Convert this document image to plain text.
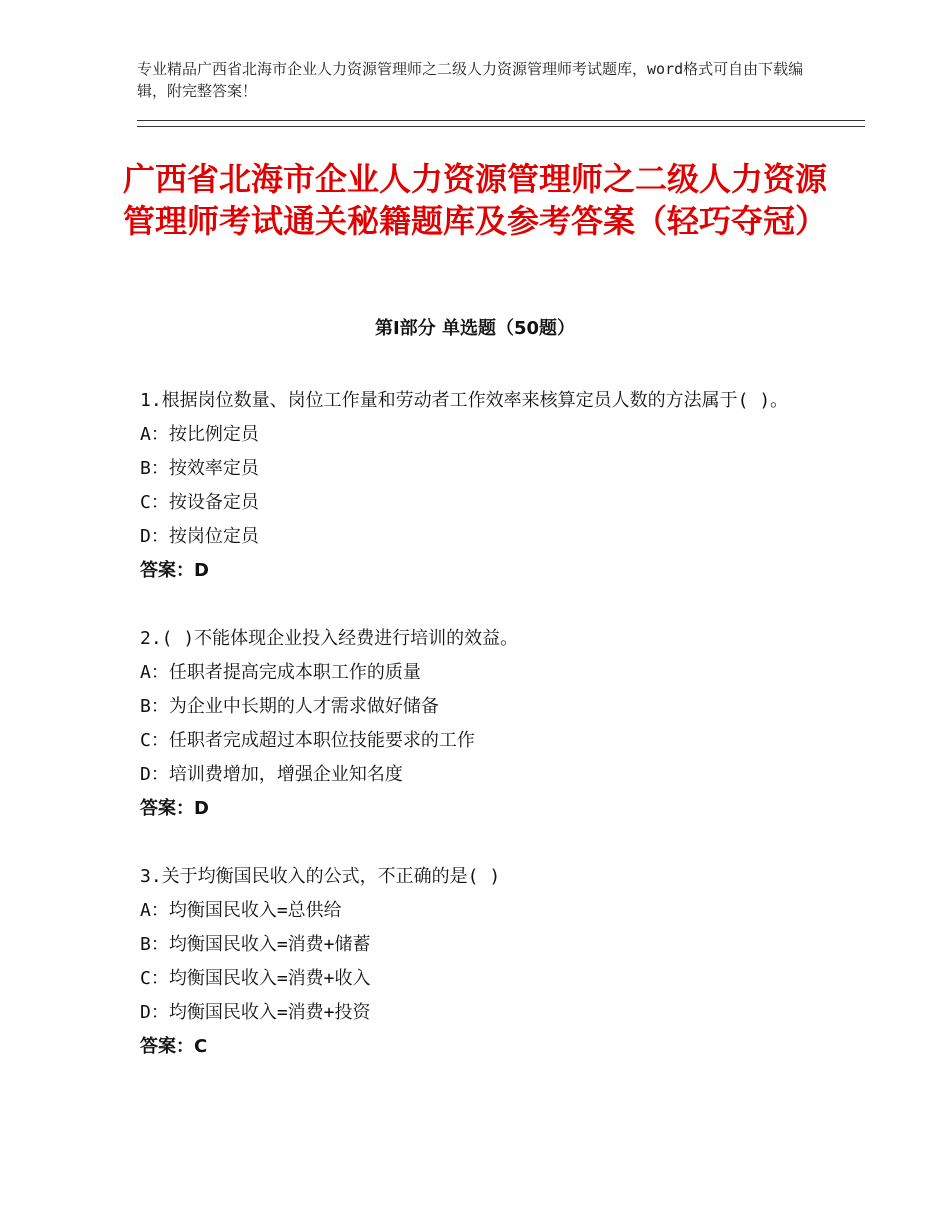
专业精品广西省北海市企业人力资源管理师之二级人力资源管理师考试题库，word格式可自由下载编辑，附完整答案！
广西省北海市企业人力资源管理师之二级人力资源管理师考试通关秘籍题库及参考答案（轻巧夺冠）
第Ⅰ部分 单选题（50题）

1.根据岗位数量、岗位工作量和劳动者工作效率来核算定员人数的方法属于( )。

A：按比例定员

B：按效率定员

C：按设备定员

D：按岗位定员

答案：D

2.( )不能体现企业投入经费进行培训的效益。

A：任职者提高完成本职工作的质量

B：为企业中长期的人才需求做好储备

C：任职者完成超过本职位技能要求的工作

D：培训费增加，增强企业知名度

答案：D

3.关于均衡国民收入的公式，不正确的是( )

A：均衡国民收入=总供给

B：均衡国民收入=消费+储蓄

C：均衡国民收入=消费+收入

D：均衡国民收入=消费+投资

答案：C
